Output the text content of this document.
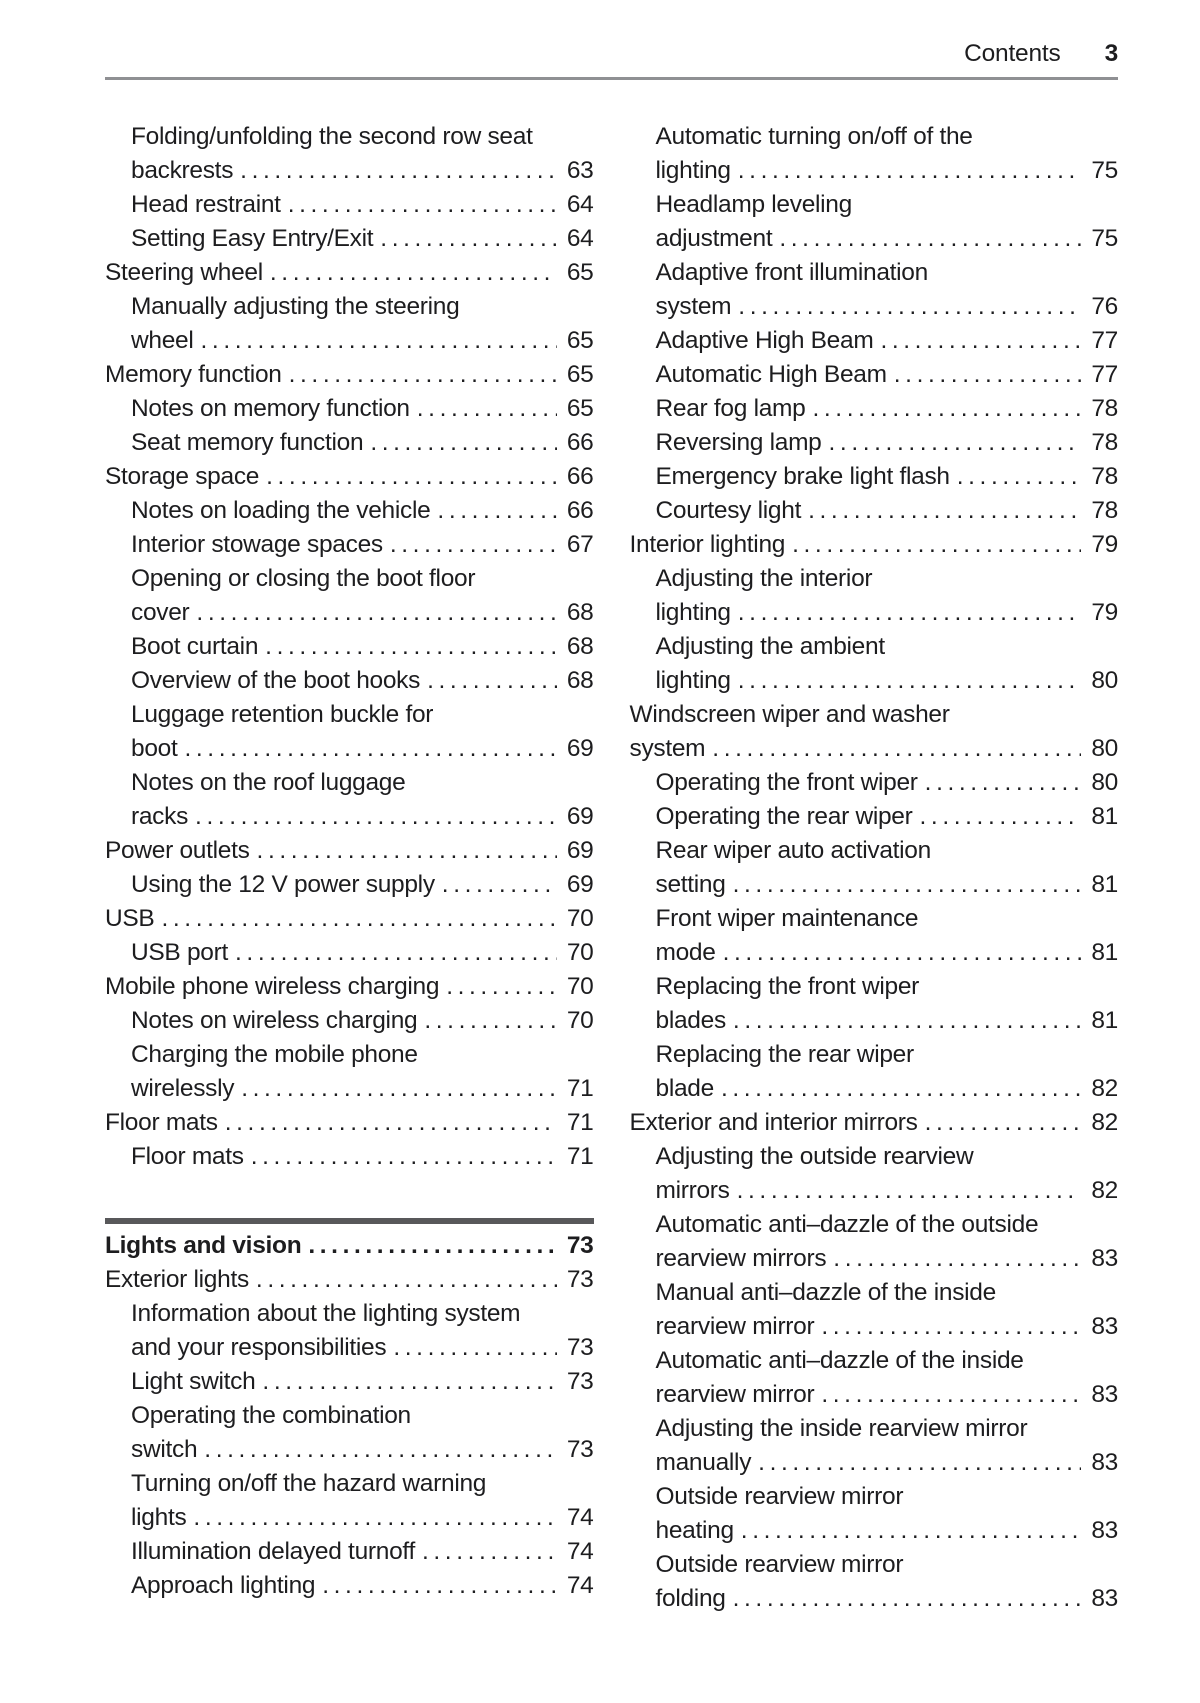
Contents 3
Folding/unfolding the second row seat
backrests .....	63
Head restraint .....	64
Setting Easy Entry/Exit .....	64
Steering wheel .....	65
Manually adjusting the steering
wheel .....	65
Memory function .....	65
Notes on memory function .....	65
Seat memory function .....	66
Storage space .....	66
Notes on loading the vehicle .....	66
Interior stowage spaces .....	67
Opening or closing the boot floor
cover .....	68
Boot curtain .....	68
Overview of the boot hooks .....	68
Luggage retention buckle for
boot .....	69
Notes on the roof luggage
racks .....	69
Power outlets .....	69
Using the 12 V power supply .....	69
USB .....	70
USB port .....	70
Mobile phone wireless charging .....	70
Notes on wireless charging .....	70
Charging the mobile phone
wirelessly .....	71
Floor mats .....	71
Floor mats .....	71
Lights and vision .....	73
Exterior lights .....	73
Information about the lighting system
and your responsibilities .....	73
Light switch .....	73
Operating the combination
switch .....	73
Turning on/off the hazard warning
lights .....	74
Illumination delayed turnoff .....	74
Approach lighting .....	74
Automatic turning on/off of the
lighting .....	75
Headlamp leveling
adjustment .....	75
Adaptive front illumination
system .....	76
Adaptive High Beam .....	77
Automatic High Beam .....	77
Rear fog lamp .....	78
Reversing lamp .....	78
Emergency brake light flash .....	78
Courtesy light .....	78
Interior lighting .....	79
Adjusting the interior
lighting .....	79
Adjusting the ambient
lighting .....	80
Windscreen wiper and washer
system .....	80
Operating the front wiper .....	80
Operating the rear wiper .....	81
Rear wiper auto activation
setting .....	81
Front wiper maintenance
mode .....	81
Replacing the front wiper
blades .....	81
Replacing the rear wiper
blade .....	82
Exterior and interior mirrors .....	82
Adjusting the outside rearview
mirrors .....	82
Automatic anti–dazzle of the outside
rearview mirrors .....	83
Manual anti–dazzle of the inside
rearview mirror .....	83
Automatic anti–dazzle of the inside
rearview mirror .....	83
Adjusting the inside rearview mirror
manually .....	83
Outside rearview mirror
heating .....	83
Outside rearview mirror
folding .....	83
